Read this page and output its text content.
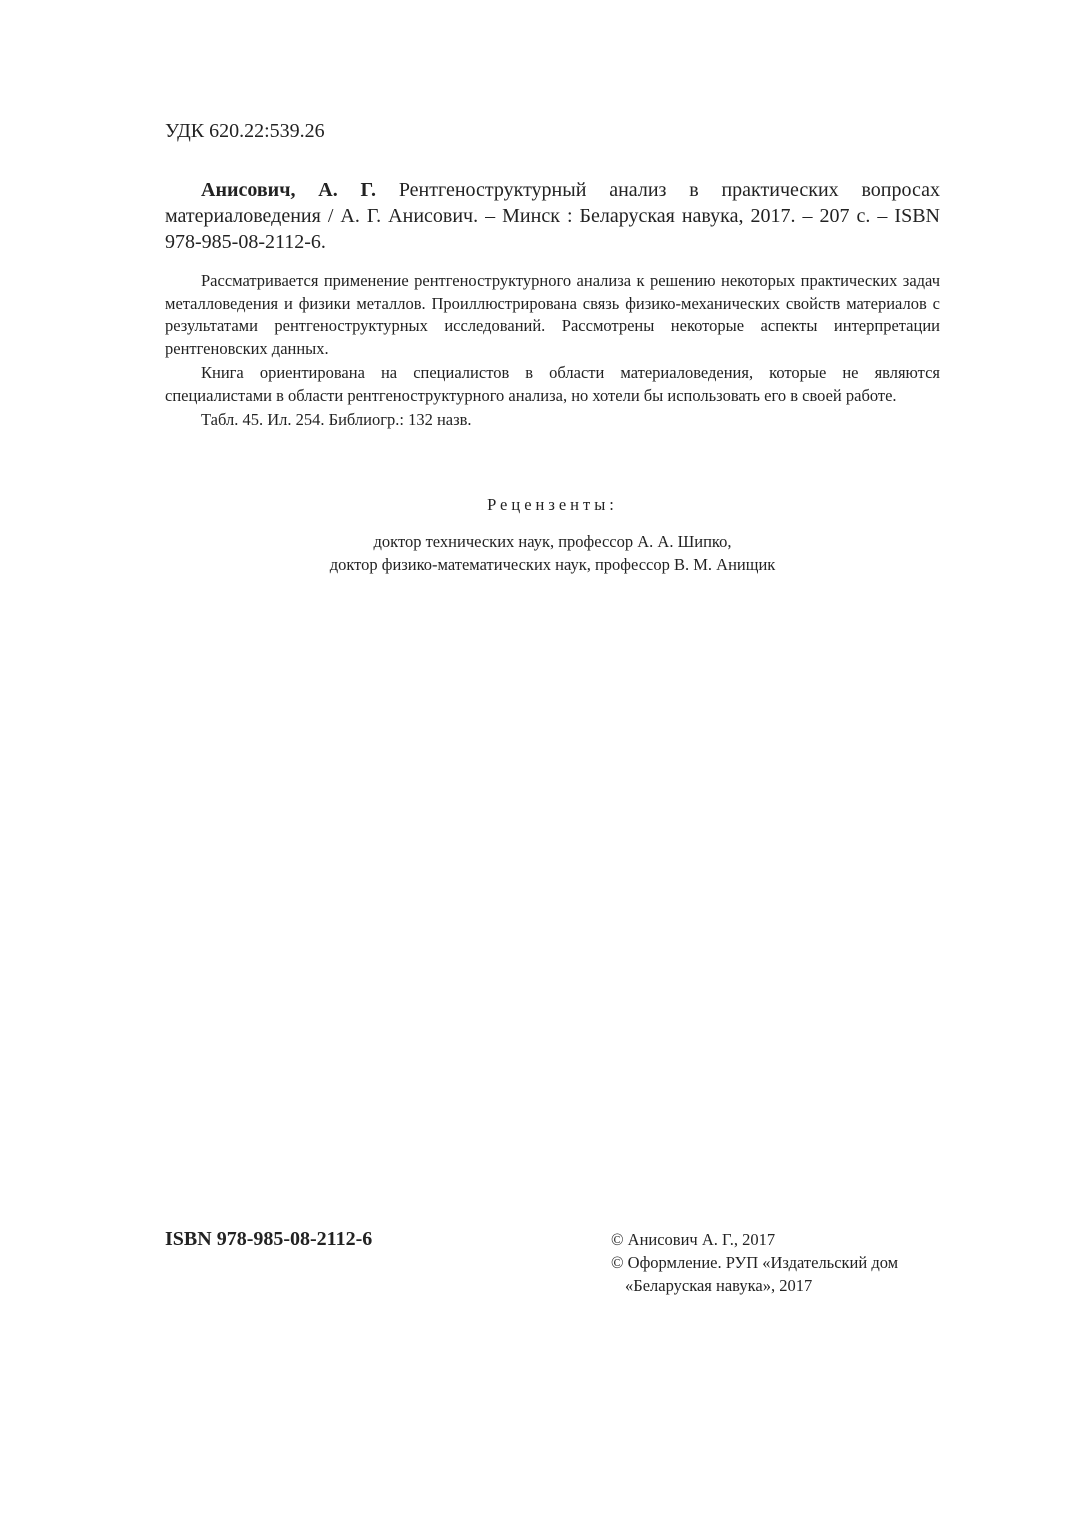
УДК 620.22:539.26
Анисович, А. Г. Рентгеноструктурный анализ в практических вопросах материаловедения / А. Г. Анисович. – Минск : Беларуская навука, 2017. – 207 с. – ISBN 978-985-08-2112-6.

Рассматривается применение рентгеноструктурного анализа к решению некоторых практических задач металловедения и физики металлов. Проиллюстрирована связь физико-механических свойств материалов с результатами рентгеноструктурных исследований. Рассмотрены некоторые аспекты интерпретации рентгеновских данных.

Книга ориентирована на специалистов в области материаловедения, которые не являются специалистами в области рентгеноструктурного анализа, но хотели бы использовать его в своей работе.

Табл. 45. Ил. 254. Библиогр.: 132 назв.

Рецензенты:
доктор технических наук, профессор А. А. Шипко,
доктор физико-математических наук, профессор В. М. Анищик
ISBN 978-985-08-2112-6	© Анисович А. Г., 2017
© Оформление. РУП «Издательский дом
«Беларуская навука», 2017
